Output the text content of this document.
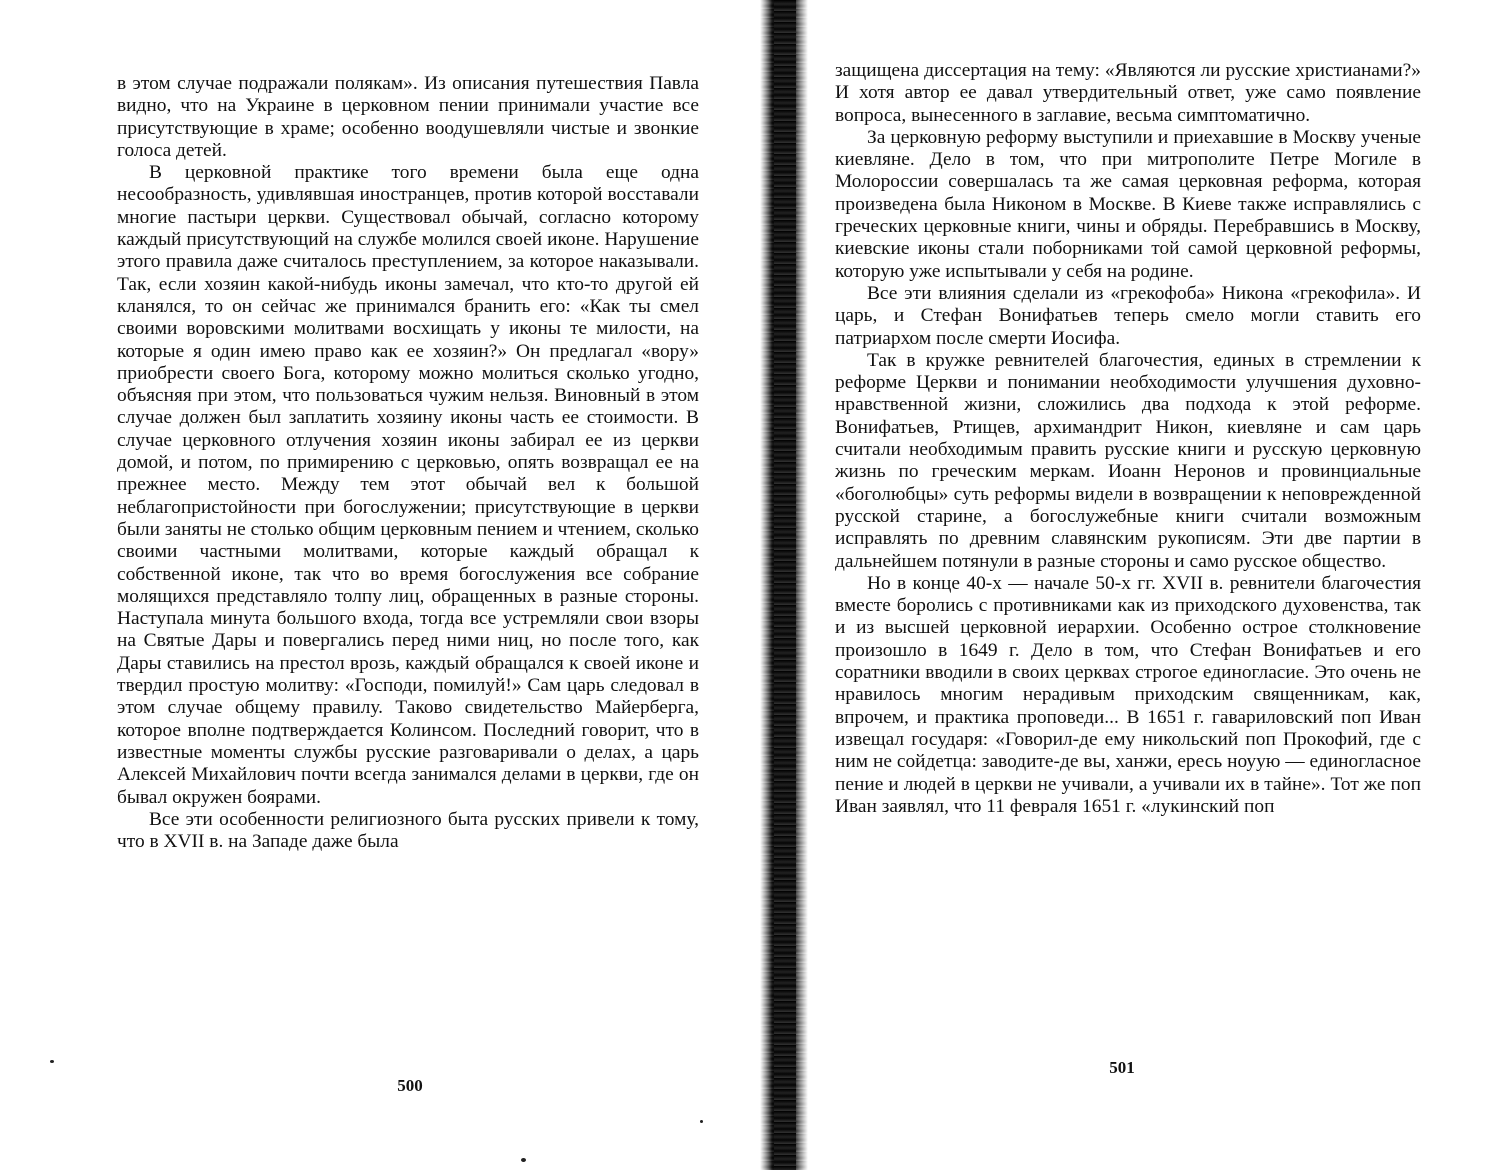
в этом случае подражали полякам». Из описания путешествия Павла видно, что на Украине в церковном пении принимали участие все присутствующие в храме; особенно воодушевляли чистые и звонкие голоса детей.

В церковной практике того времени была еще одна несообразность, удивлявшая иностранцев, против которой восставали многие пастыри церкви. Существовал обычай, согласно которому каждый присутствующий на службе молился своей иконе. Нарушение этого правила даже считалось преступлением, за которое наказывали. Так, если хозяин какой-нибудь иконы замечал, что кто-то другой ей кланялся, то он сейчас же принимался бранить его: «Как ты смел своими воровскими молитвами восхищать у иконы те милости, на которые я один имею право как ее хозяин?» Он предлагал «вору» приобрести своего Бога, которому можно молиться сколько угодно, объясняя при этом, что пользоваться чужим нельзя. Виновный в этом случае должен был заплатить хозяину иконы часть ее стоимости. В случае церковного отлучения хозяин иконы забирал ее из церкви домой, и потом, по примирению с церковью, опять возвращал ее на прежнее место. Между тем этот обычай вел к большой неблагопристойности при богослужении; присутствующие в церкви были заняты не столько общим церковным пением и чтением, сколько своими частными молитвами, которые каждый обращал к собственной иконе, так что во время богослужения все собрание молящихся представляло толпу лиц, обращенных в разные стороны. Наступала минута большого входа, тогда все устремляли свои взоры на Святые Дары и повергались перед ними ниц, но после того, как Дары ставились на престол врозь, каждый обращался к своей иконе и твердил простую молитву: «Господи, помилуй!» Сам царь следовал в этом случае общему правилу. Таково свидетельство Майерберга, которое вполне подтверждается Колинсом. Последний говорит, что в известные моменты службы русские разговаривали о делах, а царь Алексей Михайлович почти всегда занимался делами в церкви, где он бывал окружен боярами.

Все эти особенности религиозного быта русских привели к тому, что в XVII в. на Западе даже была

500

защищена диссертация на тему: «Являются ли русские христианами?» И хотя автор ее давал утвердительный ответ, уже само появление вопроса, вынесенного в заглавие, весьма симптоматично.

За церковную реформу выступили и приехавшие в Москву ученые киевляне. Дело в том, что при митрополите Петре Могиле в Молороссии совершалась та же самая церковная реформа, которая произведена была Никоном в Москве. В Киеве также исправлялись с греческих церковные книги, чины и обряды. Перебравшись в Москву, киевские иконы стали поборниками той самой церковной реформы, которую уже испытывали у себя на родине.

Все эти влияния сделали из «грекофоба» Никона «грекофила». И царь, и Стефан Вонифатьев теперь смело могли ставить его патриархом после смерти Иосифа.

Так в кружке ревнителей благочестия, единых в стремлении к реформе Церкви и понимании необходимости улучшения духовно-нравственной жизни, сложились два подхода к этой реформе. Вонифатьев, Ртищев, архимандрит Никон, киевляне и сам царь считали необходимым править русские книги и русскую церковную жизнь по греческим меркам. Иоанн Неронов и провинциальные «боголюбцы» суть реформы видели в возвращении к неповрежденной русской старине, а богослужебные книги считали возможным исправлять по древним славянским рукописям. Эти две партии в дальнейшем потянули в разные стороны и само русское общество.

Но в конце 40-х — начале 50-х гг. XVII в. ревнители благочестия вместе боролись с противниками как из приходского духовенства, так и из высшей церковной иерархии. Особенно острое столкновение произошло в 1649 г. Дело в том, что Стефан Вонифатьев и его соратники вводили в своих церквах строгое единогласие. Это очень не нравилось многим нерадивым приходским священникам, как, впрочем, и практика проповеди... В 1651 г. гавариловский поп Иван извещал государя: «Говорил-де ему никольский поп Прокофий, где с ним не сойдетца: заводите-де вы, ханжи, ересь ноуую — единогласное пение и людей в церкви не учивали, а учивали их в тайне». Тот же поп Иван заявлял, что 11 февраля 1651 г. «лукинский поп

501
